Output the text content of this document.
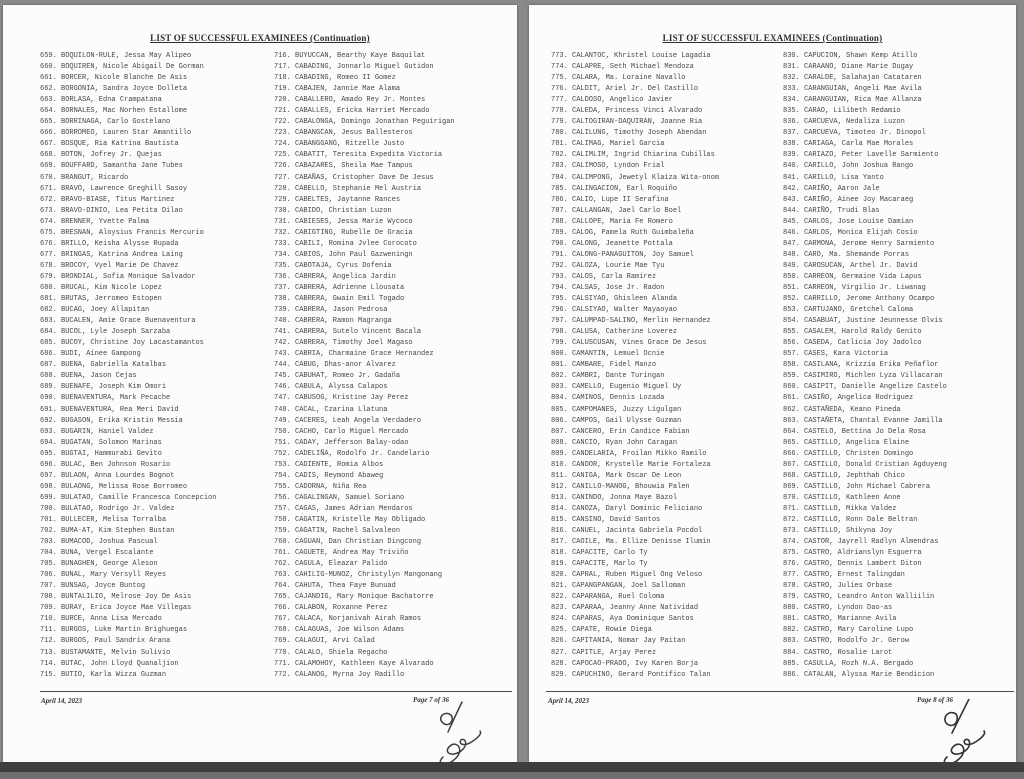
LIST OF SUCCESSFUL EXAMINEES (Continuation)
659. BOQUILON-RULE, Jessa May Alipeo
660. BOQUIREN, Nicole Abigail De Gorman
661. BORCER, Nicole Blanche De Asis
662. BORGONIA, Sandra Joyce Dolleta
663. BORLASA, Edna Crampatana
664. BORNALES, Mac Norhen Estallome
665. BORRINAGA, Carlo Gostelano
666. BORROMEO, Lauren Star Amantillo
667. BOSQUE, Ria Katrina Bautista
668. BOTON, Jofrey Jr. Quejas
669. BOUFFARD, Samantha Jane Tubes
670. BRANGUT, Ricardo
671. BRAVO, Lawrence Greghill Sasoy
672. BRAVO-BIASE, Titus Martinez
673. BRAVO-DINIO, Lea Petita Dilao
674. BRENNER, Yvette Palma
675. BRESNAN, Aloysius Francis Mercurio
676. BRILLO, Keisha Alysse Rupada
677. BRINGAS, Katrina Andrea Laing
678. BROCOY, Vyel Marie De Chavez
679. BRONDIAL, Sofia Monique Salvador
680. BRUCAL, Kim Nicole Lopez
681. BRUTAS, Jerromeo Estopen
682. BUCAG, Joey Allapitan
683. BUCALEN, Amie Grace Buenaventura
684. BUCOL, Lyle Joseph Sarzaba
685. BUCOY, Christine Joy Lacastamantos
686. BUDI, Ainee Gampong
687. BUENA, Gabriella Katalbas
688. BUENA, Jason Cejas
689. BUENAFE, Joseph Kim Omori
690. BUENAVENTURA, Mark Pecache
691. BUENAVENTURA, Rea Meri David
692. BUGASON, Erika Kristin Messia
693. BUGARIN, Haniel Valdez
694. BUGATAN, Solomon Marinas
695. BUGTAI, Hammurabi Gevito
696. BULAC, Ben Johnson Rosario
697. BULAON, Anna Lourdes Bognot
698. BULAONG, Melissa Rose Borromeo
699. BULATAO, Camille Francesca Concepcion
700. BULATAO, Rodrigo Jr. Valdez
701. BULLECER, Melisa Torralba
702. BUMA-AT, Kim Stephen Bustan
703. BUMACOD, Joshua Pascual
704. BUNA, Vergel Escalante
705. BUNAGHEN, George Aleson
706. BUNAL, Mary Versyll Reyes
707. BUNSAG, Joyce Buntog
708. BUNTALILIO, Melrose Joy De Asis
709. BURAY, Erica Joyce Mae Villegas
710. BURCE, Anna Lisa Mercado
711. BURGOS, Luke Martin Brighuegas
712. BURGOS, Paul Sandrix Arana
713. BUSTAMANTE, Melvin Sulivio
714. BUTAC, John Lloyd Quanaljion
715. BUTIO, Karla Wizza Guzman
716. BUYUCCAN, Bearthy Kaye Baquilat
717. CABADING, Jonnarlo Miguel Gutidon
718. CABADING, Romeo II Gomez
719. CABAJEN, Jannie Mae Alama
720. CABALLERO, Amado Rey Jr. Montes
721. CABALLES, Ericka Harriet Mercado
722. CABALONGA, Domingo Jonathan Peguirigan
723. CABANGCAN, Jesus Ballesteros
724. CABANGGANG, Ritzelle Justo
725. CABATIT, Teresita Expedita Victoria
726. CABAZARES, Sheila Mae Tampus
727. CABAÑAS, Cristopher Dave De Jesus
728. CABELLO, Stephanie Mel Austria
729. CABELTES, Jaytanne Rances
730. CABIDO, Christian Luzon
731. CABIESES, Jessa Marie Wycoco
732. CABIGTING, Rubelle De Gracia
733. CABILI, Romina Jvlee Corocoto
734. CABIOS, John Paul Gazweningn
735. CABOTAJA, Cyrus Dofenia
736. CABRERA, Angelica Jardin
737. CABRERA, Adrienne Llousata
738. CABRERA, Gwain Emil Togado
739. CABRERA, Jason Pedrosa
740. CABRERA, Ramon Magranga
741. CABRERA, Sutelo Vincent Bacala
742. CABRERA, Timothy Joel Magaso
743. CABRIA, Charmaine Grace Hernandez
744. CABUG, Dhas-anor Alvarez
745. CABUHAT, Romeo Jr. Gadaña
746. CABULA, Alyssa Calapos
747. CABUSOG, Kristine Jay Perez
748. CACAL, Czarina Llatuna
749. CACERES, Leah Angela Verdadero
750. CACHO, Carlo Miguel Mercado
751. CADAY, Jefferson Balay-odao
752. CADELIÑA, Rodolfo Jr. Candelario
753. CADIENTE, Romia Albos
754. CADIS, Reymond Abaweg
755. CADORNA, Niña Rea
756. CAGALINGAN, Samuel Soriano
757. CAGAS, James Adrian Mendaros
758. CAGATIN, Kristelle May Obligado
759. CAGATIN, Rachel Salvaleon
760. CAGUAN, Dan Christian Dingcong
761. CAGUETE, Andrea May Triviño
762. CAGULA, Eleazar Palido
763. CAHILIG-MUNOZ, Christylyn Mangonang
764. CAHUTA, Thea Faye Bunuad
765. CAJANDIG, Mary Monique Bachatorre
766. CALABON, Roxanne Perez
767. CALACA, Norjanivah Airah Ramos
768. CALAGUAS, Joe Wilson Adams
769. CALAGUI, Arvi Calad
770. CALALO, Shiela Regacho
771. CALAMOHOY, Kathleen Kaye Alvarado
772. CALANOG, Myrna Joy Radillo
April 14, 2023	Page 7 of 36
LIST OF SUCCESSFUL EXAMINEES (Continuation)
773. CALANTOC, Khristel Louise Lagadia
774. CALAPRE, Seth Michael Mendoza
775. CALARA, Ma. Loraine Navallo
776. CALDIT, Ariel Jr. Del Castillo
777. CALDOSO, Angelico Javier
778. CALEDA, Princess Vinci Alvarado
779. CALTOGIRAN-DAQUIRAN, Joanne Ria
780. CALILUNG, Timothy Joseph Abendan
781. CALIMAG, Mariel Garcia
782. CALIMLIM, Ingrid Chiarina Cubillas
783. CALIMOSO, Lyndon Frial
784. CALIMPONG, Jewetyl Klaiza Wita-onom
785. CALINGACION, Earl Roquiño
786. CALIO, Lupe II Serafina
787. CALLANGAN, Jael Carlo Boel
788. CALLOPE, Maria Fe Romero
789. CALOG, Pamela Ruth Guimbaleña
790. CALONG, Jeanette Pottala
791. CALONG-PANAGUITON, Joy Samuel
792. CALOZA, Lourie Mae Tyu
793. CALOS, Carla Ramirez
794. CALSAS, Jose Jr. Radon
795. CALSIYAO, Ghisleen Alanda
796. CALSIYAO, Walter Mayaoyao
797. CALUMPAD-SALINO, Merlin Hernandez
798. CALUSA, Catherine Loverez
799. CALUSCUSAN, Vines Grace De Jesus
800. CAMANTIN, Lemuel Ocnie
801. CAMBARE, Fidel Manzo
802. CAMBRI, Dante Turingan
803. CAMELLO, Eugenio Miguel Uy
804. CAMINOS, Dennis Lozada
805. CAMPOMANES, Juzzy Ligulgan
806. CAMPOS, Gail Ulysse Guzman
807. CANCERO, Erin Candice Fabian
808. CANCIO, Ryan John Caragan
809. CANDELARIA, Froilan Mikko Ramilo
810. CANDOR, Krystelle Marie Fortaleza
811. CANIGA, Mark Oscar De Leon
812. CANILLO-MANOG, Bhouwia Palen
813. CANINDO, Jonna Maye Bazol
814. CANOZA, Daryl Dominic Feliciano
815. CANSINO, David Santos
816. CANUEL, Jacinta Gabriela Pocdol
817. CAOILE, Ma. Ellize Denisse Ilumin
818. CAPACITE, Carlo Ty
819. CAPACITE, Marlo Ty
820. CAPRAL, Ruben Miguel Ong Veloso
821. CAPANGPANGAN, Joel Salloman
822. CAPARANGA, Ruel Coloma
823. CAPARAA, Jeanny Anne Natividad
824. CAPARAS, Aya Dominique Santos
825. CAPATE, Rowie Diega
826. CAPITANIA, Nomar Jay Paitan
827. CAPITLE, Arjay Perez
828. CAPOCAO-PRADO, Ivy Karen Borja
829. CAPUCHINO, Gerard Pontifico Talan
830. CAPUCION, Shawn Kemp Atillo
831. CARAANO, Diane Marie Dugay
832. CARALDE, Salahajan Catataren
833. CARANGUIAN, Angeli Mae Avila
834. CARANGUIAN, Rica Mae Allanza
835. CARAO, Lilibeth Redamio
836. CARCUEVA, Nedaliza Luzon
837. CARCUEVA, Timoteo Jr. Dinopol
838. CARIAGA, Carla Mae Morales
839. CARIAZO, Peter Lavelle Sarmiento
840. CARILLO, John Joshua Rango
841. CARILLO, Lisa Yanto
842. CARIÑO, Aaron Jale
843. CARIÑO, Ainee Joy Macaraeg
844. CARIÑO, Trudi Blas
845. CARLOS, Jose Louise Damian
846. CARLOS, Monica Elijah Cosio
847. CARMONA, Jerome Henry Sarmiento
848. CARO, Ma. Shemande Porras
849. CAROSUCAN, Arthel Jr. David
850. CARREON, Germaine Vida Lapus
851. CARREON, Virgilio Jr. Liwanag
852. CARRILLO, Jerome Anthony Ocampo
853. CARTUJANO, Gretchel Caloma
854. CASABUAT, Justine Jeunnesse Olvis
855. CASALEM, Harold Raldy Genito
856. CASEDA, Catlicia Joy Jadolco
857. CASES, Kara Victoria
858. CASILANA, Krizzia Erika Peñaflor
859. CASIMIRO, Michlen Lyza Villacaran
860. CASIPIT, Danielle Angelize Castelo
861. CASIÑO, Angelica Rodriguez
862. CASTAÑEDA, Keano Pineda
863. CASTAÑETA, Chantal Evanne Jamilla
864. CASTELO, Bettina Jo Dela Rosa
865. CASTILLO, Angelica Elaine
866. CASTILLO, Christen Domingo
867. CASTILLO, Donald Cristian Agduyeng
868. CASTILLO, Jephthah Chico
869. CASTILLO, John Michael Cabrera
870. CASTILLO, Kathleen Anne
871. CASTILLO, Mikka Valdez
872. CASTILLO, Ronn Dale Beltran
873. CASTILLO, Shikyna Joy
874. CASTOR, Jayrell Radlyn Almendras
875. CASTRO, Aldrianslyn Esguerra
876. CASTRO, Dennis Lambert Diton
877. CASTRO, Ernest Talingdan
878. CASTRO, Julies Orbase
879. CASTRO, Leandro Anton Walliilin
880. CASTRO, Lyndon Dao-as
881. CASTRO, Marianne Avila
882. CASTRO, Mary Caroline Lupo
883. CASTRO, Rodolfo Jr. Gerow
884. CASTRO, Rosalie Larot
885. CASULLA, Rozh N.A. Bergado
886. CATALAN, Alyssa Marie Bendicion
April 14, 2023	Page 8 of 36
